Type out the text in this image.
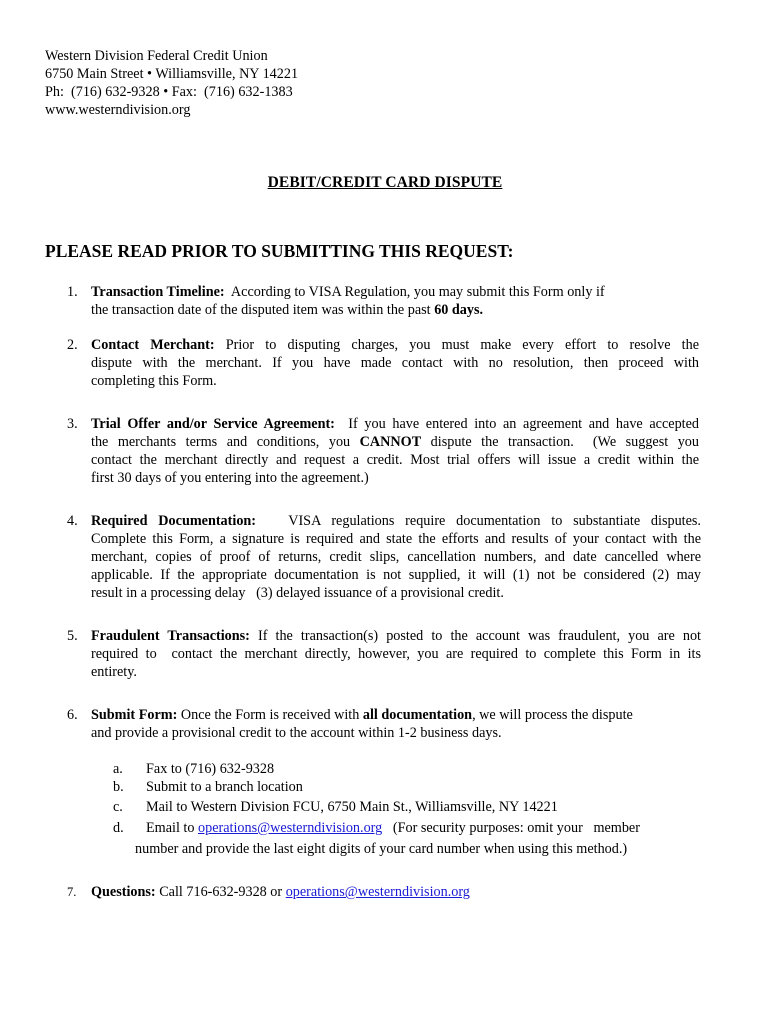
Western Division Federal Credit Union
6750 Main Street • Williamsville, NY 14221
Ph:  (716) 632-9328 • Fax:  (716) 632-1383
www.westerndivision.org
DEBIT/CREDIT CARD DISPUTE
PLEASE READ PRIOR TO SUBMITTING THIS REQUEST:
1. Transaction Timeline:  According to VISA Regulation, you may submit this Form only if
the transaction date of the disputed item was within the past 60 days.
2. Contact Merchant: Prior to disputing charges, you must make every effort to resolve the
dispute with the merchant. If you have made contact with no resolution, then proceed with
completing this Form.
3. Trial Offer and/or Service Agreement:  If you have entered into an agreement and have accepted
the merchants terms and conditions, you CANNOT dispute the transaction.  (We suggest you
contact the merchant directly and request a credit. Most trial offers will issue a credit within the
first 30 days of you entering into the agreement.)
4. Required Documentation:   VISA regulations require documentation to substantiate disputes.
Complete this Form, a signature is required and state the efforts and results of your contact with the
merchant, copies of proof of returns, credit slips, cancellation numbers, and date cancelled where
applicable. If the appropriate documentation is not supplied, it will (1) not be considered (2) may
result in a processing delay   (3) delayed issuance of a provisional credit.
5. Fraudulent Transactions: If the transaction(s) posted to the account was fraudulent, you are not
required to  contact the merchant directly, however, you are required to complete this Form in its
entirety.
6. Submit Form: Once the Form is received with all documentation, we will process the dispute
and provide a provisional credit to the account within 1-2 business days.
a. Fax to (716) 632-9328
b. Submit to a branch location
c. Mail to Western Division FCU, 6750 Main St., Williamsville, NY 14221
d. Email to operations@westerndivision.org   (For security purposes: omit your   member
number and provide the last eight digits of your card number when using this method.)
7. Questions: Call 716-632-9328 or operations@westerndivision.org
